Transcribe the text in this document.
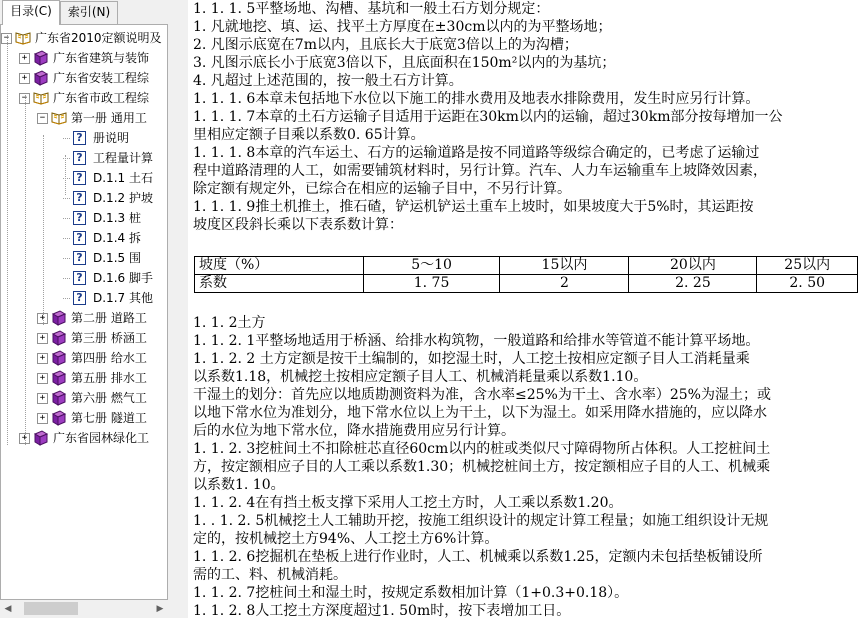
目录(C)	索引(N)
− 广东省2010定额说明及
+ 广东省建筑与装饰
+ 广东省安装工程综
− 广东省市政工程综
− 第一册 通用工
? 册说明
? 工程量计算
? D.1.1 土石
? D.1.2 护坡
? D.1.3 桩
? D.1.4 拆
? D.1.5 围
? D.1.6 脚手
? D.1.7 其他
+ 第二册 道路工
+ 第三册 桥涵工
+ 第四册 给水工
+ 第五册 排水工
+ 第六册 燃气工
+ 第七册 隧道工
+ 广东省园林绿化工
◀	▶
坡度（%）	5～10	15以内	20以内	25以内
系数	1. 75	2	2. 25	2. 50
1. 1. 1. 5平整场地、沟槽、基坑和一般土石方划分规定：
1. 凡就地挖、填、运、找平土方厚度在±30cm以内的为平整场地；
2. 凡图示底宽在7m以内，且底长大于底宽3倍以上的为沟槽；
3. 凡图示底长小于底宽3倍以下，且底面积在150m²以内的为基坑；
4. 凡超过上述范围的，按一般土石方计算。
1. 1. 1. 6本章未包括地下水位以下施工的排水费用及地表水排除费用，发生时应另行计算。
1. 1. 1. 7本章的土石方运输子目适用于运距在30km以内的运输，超过30km部分按每增加一公
里相应定额子目乘以系数0. 65计算。
1. 1. 1. 8本章的汽车运土、石方的运输道路是按不同道路等级综合确定的，已考虑了运输过
程中道路清理的人工，如需要铺筑材料时，另行计算。汽车、人力车运输重车上坡降效因素，
除定额有规定外，已综合在相应的运输子目中，不另行计算。
1. 1. 1. 9推土机推土，推石碴，铲运机铲运土重车上坡时，如果坡度大于5%时，其运距按
坡度区段斜长乘以下表系数计算：
1. 1. 2土方
1. 1. 2. 1平整场地适用于桥涵、给排水构筑物，一般道路和给排水等管道不能计算平场地。
1. 1. 2. 2 土方定额是按干土编制的，如挖湿土时，人工挖土按相应定额子目人工消耗量乘
以系数1.18，机械挖土按相应定额子目人工、机械消耗量乘以系数1.10。
干湿土的划分：首先应以地质勘测资料为准，含水率≤25%为干土、含水率）25%为湿土；或
以地下常水位为准划分，地下常水位以上为干土，以下为湿土。如采用降水措施的，应以降水
后的水位为地下常水位，降水措施费用应另行计算。
1. 1. 2. 3挖桩间土不扣除桩芯直径60cm以内的桩或类似尺寸障碍物所占体积。人工挖桩间土
方，按定额相应子目的人工乘以系数1.30；机械挖桩间土方，按定额相应子目的人工、机械乘
以系数1. 10。
1. 1. 2. 4在有挡土板支撑下采用人工挖土方时，人工乘以系数1.20。
1. . 1. 2. 5机械挖土人工辅助开挖，按施工组织设计的规定计算工程量；如施工组织设计无规
定的，按机械挖土方94%、人工挖土方6%计算。
1. 1. 2. 6挖掘机在垫板上进行作业时，人工、机械乘以系数1.25，定额内未包括垫板铺设所
需的工、料、机械消耗。
1. 1. 2. 7挖桩间土和湿土时，按规定系数相加计算（1+0.3+0.18）。
1. 1. 2. 8人工挖土方深度超过1. 50m时，按下表增加工日。
